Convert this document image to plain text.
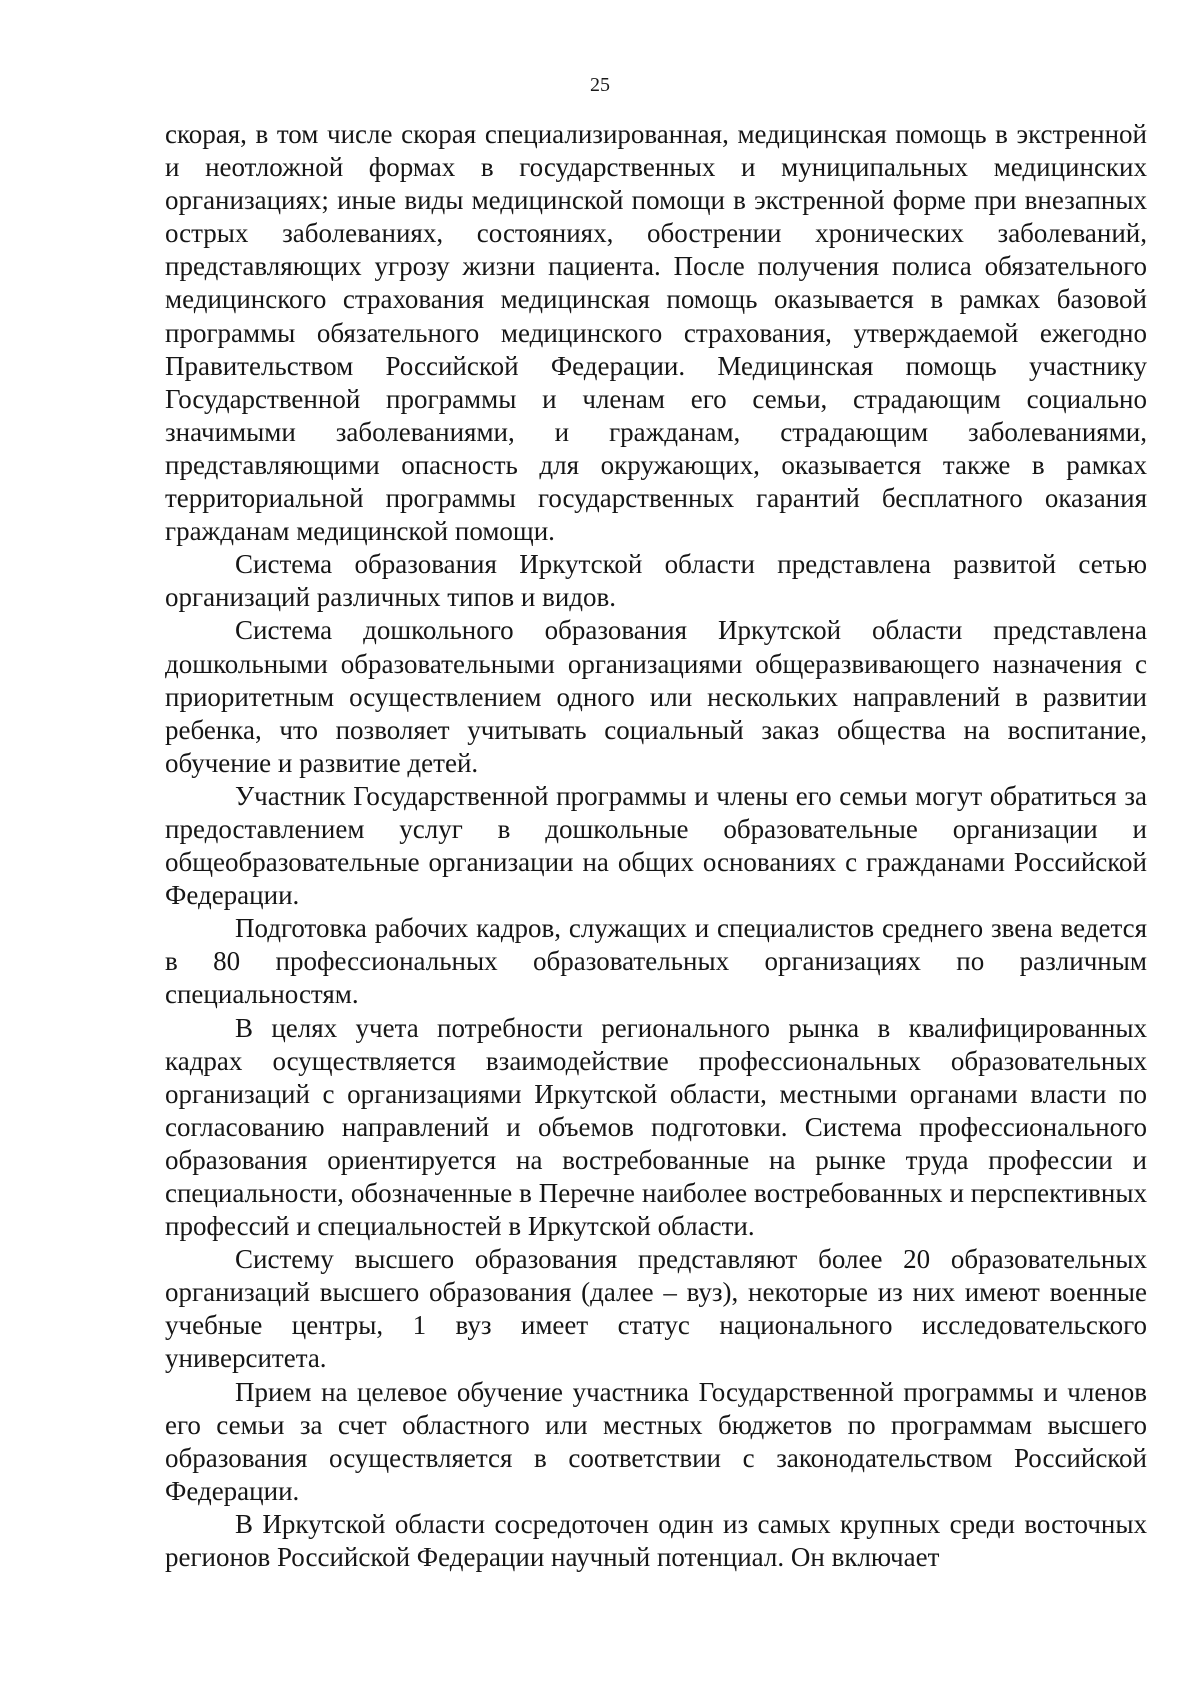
25

скорая, в том числе скорая специализированная, медицинская помощь в экстренной и неотложной формах в государственных и муниципальных медицинских организациях; иные виды медицинской помощи в экстренной форме при внезапных острых заболеваниях, состояниях, обострении хронических заболеваний, представляющих угрозу жизни пациента. После получения полиса обязательного медицинского страхования медицинская помощь оказывается в рамках базовой программы обязательного медицинского страхования, утверждаемой ежегодно Правительством Российской Федерации. Медицинская помощь участнику Государственной программы и членам его семьи, страдающим социально значимыми заболеваниями, и гражданам, страдающим заболеваниями, представляющими опасность для окружающих, оказывается также в рамках территориальной программы государственных гарантий бесплатного оказания гражданам медицинской помощи.

Система образования Иркутской области представлена развитой сетью организаций различных типов и видов.

Система дошкольного образования Иркутской области представлена дошкольными образовательными организациями общеразвивающего назначения с приоритетным осуществлением одного или нескольких направлений в развитии ребенка, что позволяет учитывать социальный заказ общества на воспитание, обучение и развитие детей.

Участник Государственной программы и члены его семьи могут обратиться за предоставлением услуг в дошкольные образовательные организации и общеобразовательные организации на общих основаниях с гражданами Российской Федерации.

Подготовка рабочих кадров, служащих и специалистов среднего звена ведется в 80 профессиональных образовательных организациях по различным специальностям.

В целях учета потребности регионального рынка в квалифицированных кадрах осуществляется взаимодействие профессиональных образовательных организаций с организациями Иркутской области, местными органами власти по согласованию направлений и объемов подготовки. Система профессионального образования ориентируется на востребованные на рынке труда профессии и специальности, обозначенные в Перечне наиболее востребованных и перспективных профессий и специальностей в Иркутской области.

Систему высшего образования представляют более 20 образовательных организаций высшего образования (далее – вуз), некоторые из них имеют военные учебные центры, 1 вуз имеет статус национального исследовательского университета.

Прием на целевое обучение участника Государственной программы и членов его семьи за счет областного или местных бюджетов по программам высшего образования осуществляется в соответствии с законодательством Российской Федерации.

В Иркутской области сосредоточен один из самых крупных среди восточных регионов Российской Федерации научный потенциал. Он включает
